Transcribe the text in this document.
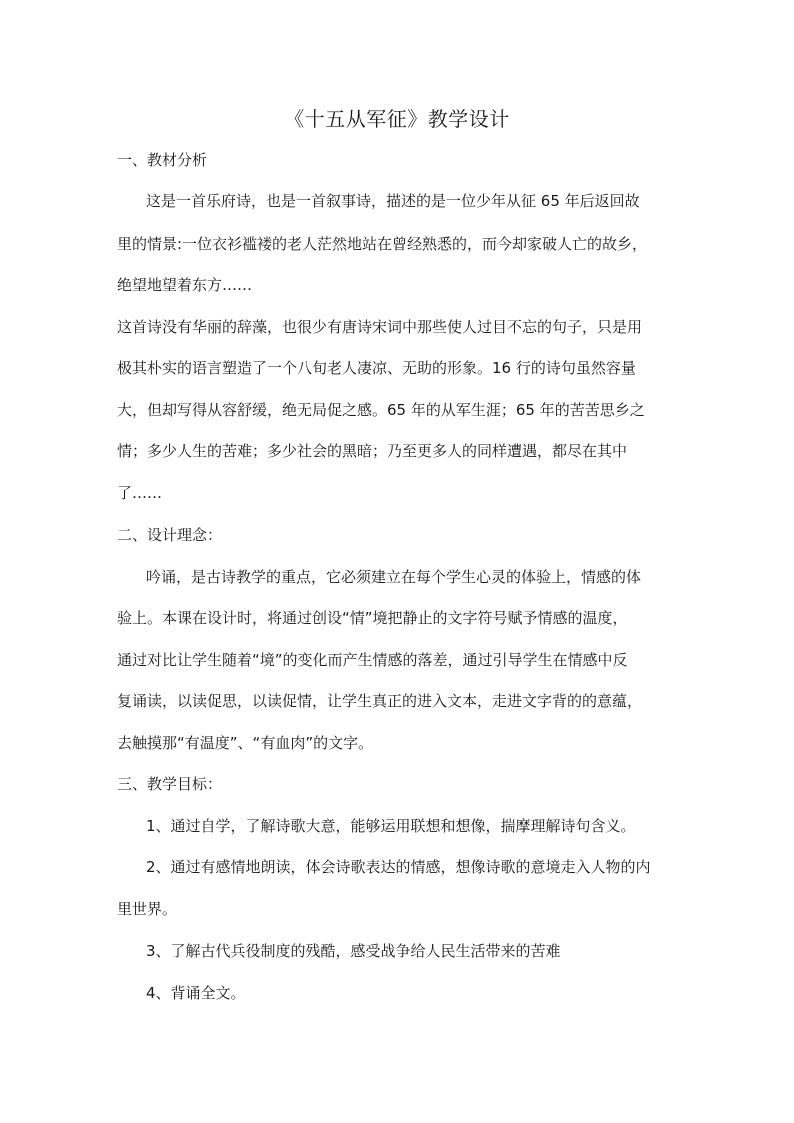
《十五从军征》教学设计
一、教材分析
这是一首乐府诗，也是一首叙事诗，描述的是一位少年从征 65 年后返回故
里的情景:一位衣衫褴褛的老人茫然地站在曾经熟悉的，而今却家破人亡的故乡，
绝望地望着东方……
这首诗没有华丽的辞藻，也很少有唐诗宋词中那些使人过目不忘的句子，只是用
极其朴实的语言塑造了一个八旬老人凄凉、无助的形象。16 行的诗句虽然容量
大，但却写得从容舒缓，绝无局促之感。65 年的从军生涯；65 年的苦苦思乡之
情；多少人生的苦难；多少社会的黑暗；乃至更多人的同样遭遇，都尽在其中
了……
二、设计理念：
吟诵，是古诗教学的重点，它必须建立在每个学生心灵的体验上，情感的体
验上。本课在设计时，将通过创设“情”境把静止的文字符号赋予情感的温度，
通过对比让学生随着“境”的变化而产生情感的落差，通过引导学生在情感中反
复诵读，以读促思，以读促情，让学生真正的进入文本，走进文字背的的意蕴，
去触摸那“有温度”、“有血肉”的文字。
三、教学目标：
1、通过自学，了解诗歌大意，能够运用联想和想像，揣摩理解诗句含义。
2、通过有感情地朗读，体会诗歌表达的情感，想像诗歌的意境走入人物的内
里世界。
3、了解古代兵役制度的残酷，感受战争给人民生活带来的苦难
4、背诵全文。
